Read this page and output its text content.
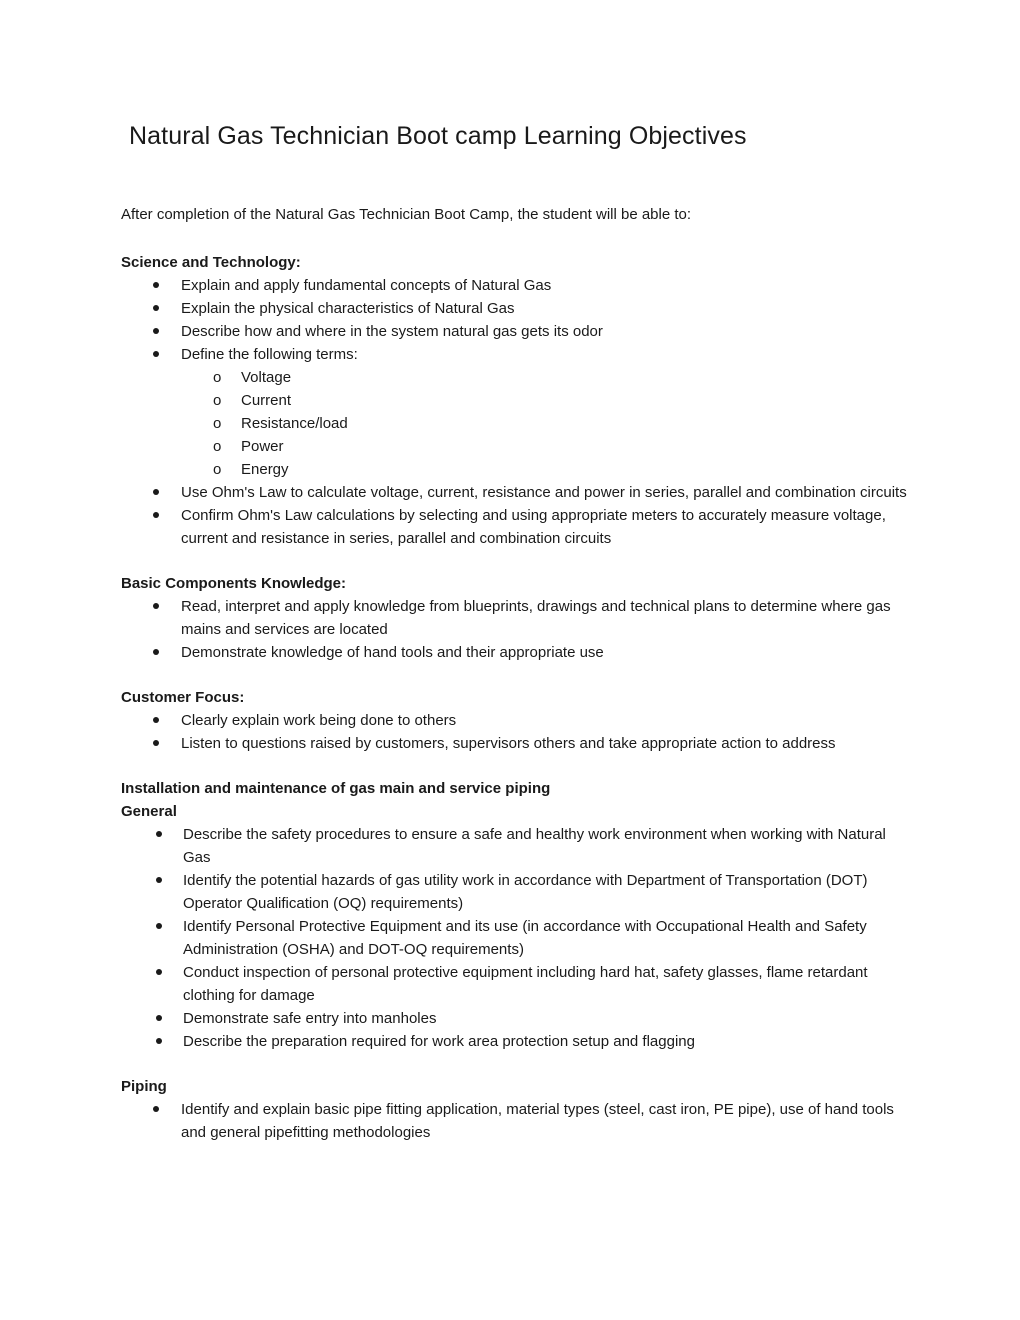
Natural Gas Technician Boot camp Learning Objectives

After completion of the Natural Gas Technician Boot Camp, the student will be able to:

Science and Technology:

Explain and apply fundamental concepts of Natural Gas
Explain the physical characteristics of Natural Gas
Describe how and where in the system natural gas gets its odor
Define the following terms:
o Voltage
o Current
o Resistance/load
o Power
o Energy
Use Ohm's Law to calculate voltage, current, resistance and power in series, parallel and combination circuits
Confirm Ohm's Law calculations by selecting and using appropriate meters to accurately measure voltage, current and resistance in series, parallel and combination circuits

Basic Components Knowledge:

Read, interpret and apply knowledge from blueprints, drawings and technical plans to determine where gas mains and services are located
Demonstrate knowledge of hand tools and their appropriate use

Customer Focus:

Clearly explain work being done to others
Listen to questions raised by customers, supervisors others and take appropriate action to address

Installation and maintenance of gas main and service piping

General

Describe the safety procedures to ensure a safe and healthy work environment when working with Natural Gas
Identify the potential hazards of gas utility work in accordance with Department of Transportation (DOT) Operator Qualification (OQ) requirements)
Identify Personal Protective Equipment and its use (in accordance with Occupational Health and Safety Administration (OSHA) and DOT-OQ requirements)
Conduct inspection of personal protective equipment including hard hat, safety glasses, flame retardant clothing for damage
Demonstrate safe entry into manholes
Describe the preparation required for work area protection setup and flagging

Piping

Identify and explain basic pipe fitting application, material types (steel, cast iron, PE pipe), use of hand tools and general pipefitting methodologies
